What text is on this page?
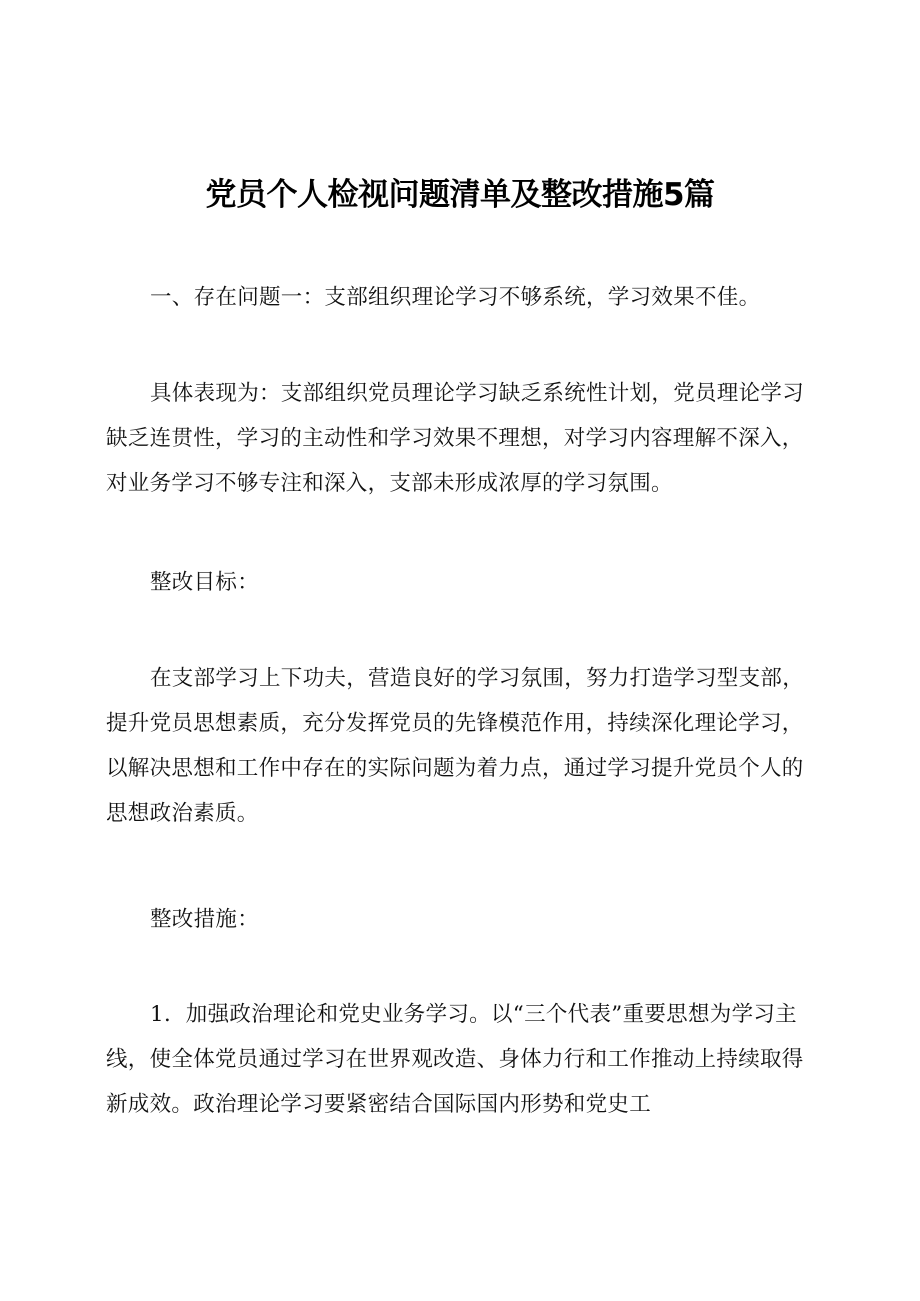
党员个人检视问题清单及整改措施5篇

一、存在问题一：支部组织理论学习不够系统，学习效果不佳。

具体表现为：支部组织党员理论学习缺乏系统性计划，党员理论学习缺乏连贯性，学习的主动性和学习效果不理想，对学习内容理解不深入，对业务学习不够专注和深入，支部未形成浓厚的学习氛围。

整改目标：

在支部学习上下功夫，营造良好的学习氛围，努力打造学习型支部，提升党员思想素质，充分发挥党员的先锋模范作用，持续深化理论学习，以解决思想和工作中存在的实际问题为着力点，通过学习提升党员个人的思想政治素质。

整改措施：

1．加强政治理论和党史业务学习。以“三个代表”重要思想为学习主线，使全体党员通过学习在世界观改造、身体力行和工作推动上持续取得新成效。政治理论学习要紧密结合国际国内形势和党史工
